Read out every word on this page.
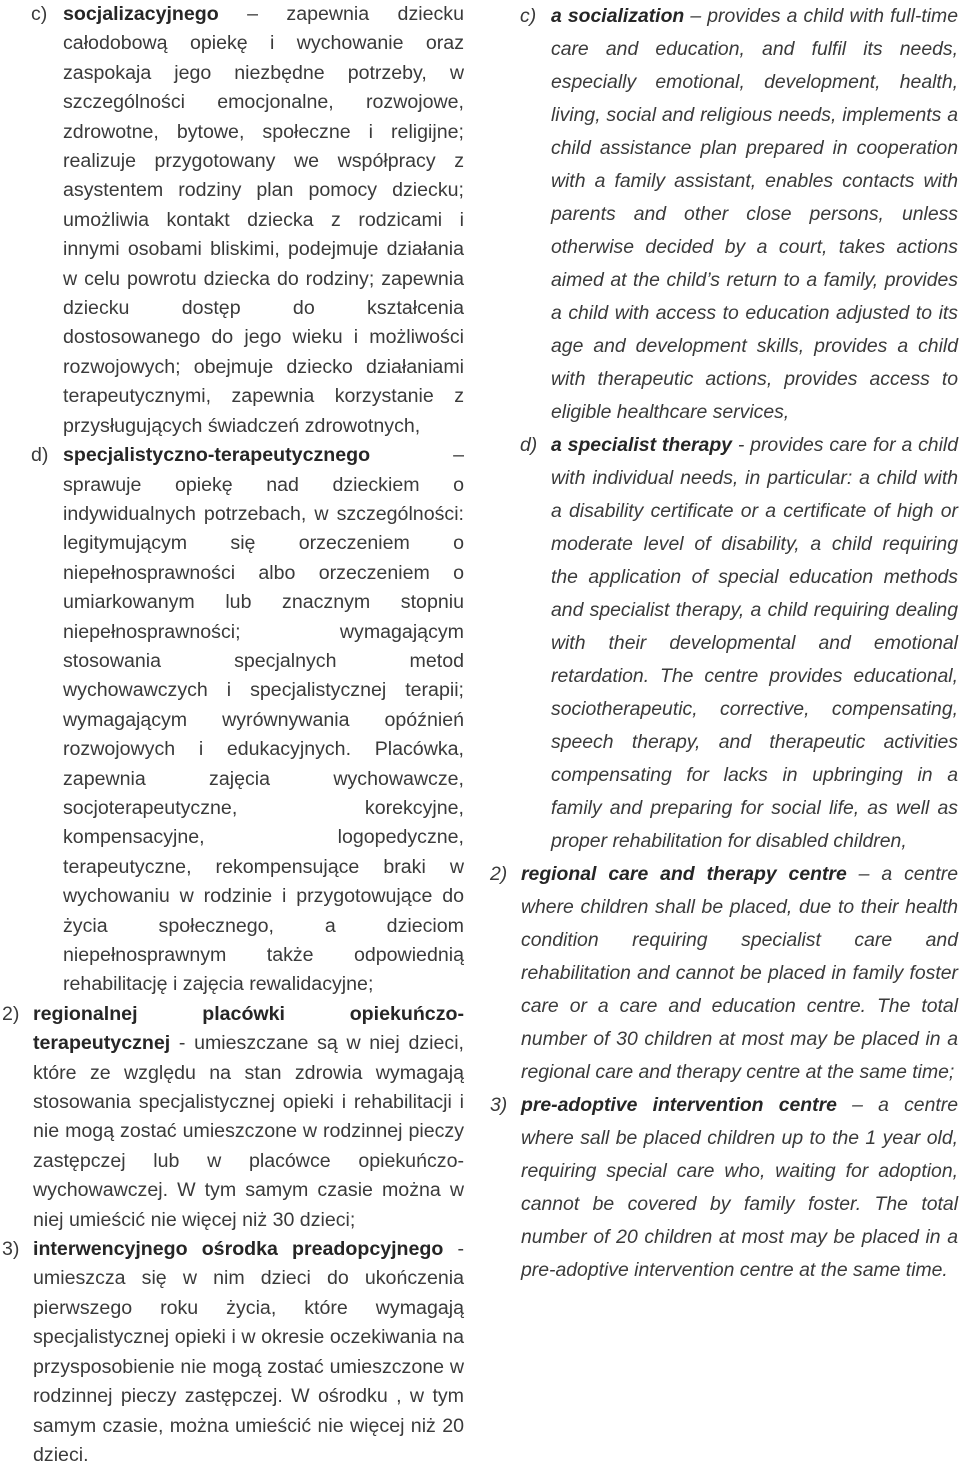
c) socjalizacyjnego – zapewnia dziecku całodobową opiekę i wychowanie oraz zaspokaja jego niezbędne potrzeby, w szczególności emocjonalne, rozwojowe, zdrowotne, bytowe, społeczne i religijne; realizuje przygotowany we współpracy z asystentem rodziny plan pomocy dziecku; umożliwia kontakt dziecka z rodzicami i innymi osobami bliskimi, podejmuje działania w celu powrotu dziecka do rodziny; zapewnia dziecku dostęp do kształcenia dostosowanego do jego wieku i możliwości rozwojowych; obejmuje dziecko działaniami terapeutycznymi, zapewnia korzystanie z przysługujących świadczeń zdrowotnych,
d) specjalistyczno-terapeutycznego – sprawuje opiekę nad dzieckiem o indywidualnych potrzebach, w szczególności: legitymującym się orzeczeniem o niepełnosprawności albo orzeczeniem o umiarkowanym lub znacznym stopniu niepełnosprawności; wymagającym stosowania specjalnych metod wychowawczych i specjalistycznej terapii; wymagającym wyrównywania opóźnień rozwojowych i edukacyjnych. Placówka, zapewnia zajęcia wychowawcze, socjoterapeutyczne, korekcyjne, kompensacyjne, logopedyczne, terapeutyczne, rekompensujące braki w wychowaniu w rodzinie i przygotowujące do życia społecznego, a dzieciom niepełnosprawnym także odpowiednią rehabilitację i zajęcia rewalidacyjne;
2) regionalnej placówki opiekuńczo-terapeutycznej - umieszczane są w niej dzieci, które ze względu na stan zdrowia wymagają stosowania specjalistycznej opieki i rehabilitacji i nie mogą zostać umieszczone w rodzinnej pieczy zastępczej lub w placówce opiekuńczo-wychowawczej. W tym samym czasie można w niej umieścić nie więcej niż 30 dzieci;
3) interwencyjnego ośrodka preadopcyjnego - umieszcza się w nim dzieci do ukończenia pierwszego roku życia, które wymagają specjalistycznej opieki i w okresie oczekiwania na przysposobienie nie mogą zostać umieszczone w rodzinnej pieczy zastępczej. W ośrodku , w tym samym czasie, można umieścić nie więcej niż 20 dzieci.
c) a socialization – provides a child with full-time care and education, and fulfil its needs, especially emotional, development, health, living, social and religious needs, implements a child assistance plan prepared in cooperation with a family assistant, enables contacts with parents and other close persons, unless otherwise decided by a court, takes actions aimed at the child’s return to a family, provides a child with access to education adjusted to its age and development skills, provides a child with therapeutic actions, provides access to eligible healthcare services,
d) a specialist therapy - provides care for a child with individual needs, in particular: a child with a disability certificate or a certificate of high or moderate level of disability, a child requiring the application of special education methods and specialist therapy, a child requiring dealing with their developmental and emotional retardation. The centre provides educational, sociotherapeutic, corrective, compensating, speech therapy, and therapeutic activities compensating for lacks in upbringing in a family and preparing for social life, as well as proper rehabilitation for disabled children,
2) regional care and therapy centre – a centre where children shall be placed, due to their health condition requiring specialist care and rehabilitation and cannot be placed in family foster care or a care and education centre. The total number of 30 children at most may be placed in a regional care and therapy centre at the same time;
3) pre-adoptive intervention centre – a centre where sall be placed children up to the 1 year old, requiring special care who, waiting for adoption, cannot be covered by family foster. The total number of 20 children at most may be placed in a pre-adoptive intervention centre at the same time.
